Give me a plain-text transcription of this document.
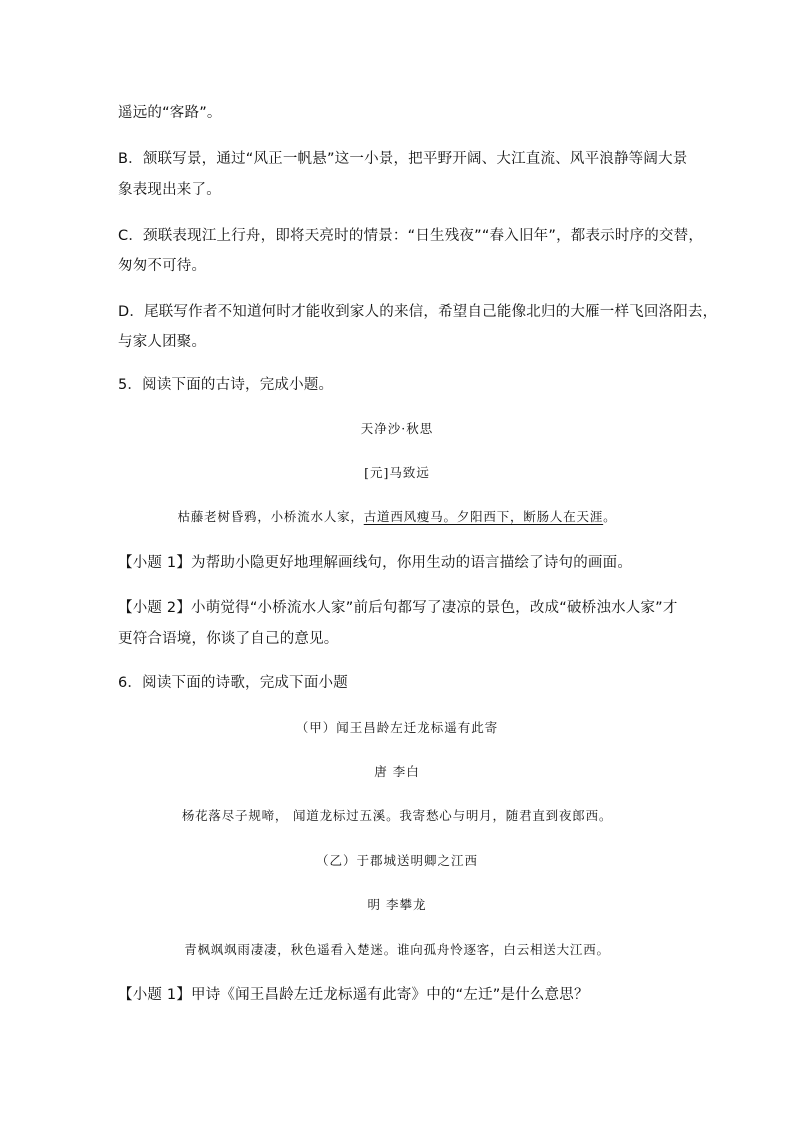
遥远的“客路”。
B．颔联写景，通过“风正一帆悬”这一小景，把平野开阔、大江直流、风平浪静等阔大景
象表现出来了。
C．颈联表现江上行舟，即将天亮时的情景：“日生残夜”“春入旧年”，都表示时序的交替，
匆匆不可待。
D．尾联写作者不知道何时才能收到家人的来信，希望自己能像北归的大雁一样飞回洛阳去，
与家人团聚。
5．阅读下面的古诗，完成小题。
天净沙·秋思
[元]马致远
枯藤老树昏鸦，小桥流水人家，古道西风瘦马。夕阳西下，断肠人在天涯。
【小题 1】为帮助小隐更好地理解画线句，你用生动的语言描绘了诗句的画面。
【小题 2】小萌觉得“小桥流水人家”前后句都写了凄凉的景色，改成“破桥浊水人家”才
更符合语境，你谈了自己的意见。
6．阅读下面的诗歌，完成下面小题
（甲）闻王昌龄左迁龙标遥有此寄
唐 李白
杨花落尽子规啼， 闻道龙标过五溪。我寄愁心与明月，随君直到夜郎西。
（乙）于郡城送明卿之江西
明 李攀龙
青枫飒飒雨凄凄，秋色遥看入楚迷。谁向孤舟怜逐客，白云相送大江西。
【小题 1】甲诗《闻王昌龄左迁龙标遥有此寄》中的“左迁”是什么意思？
